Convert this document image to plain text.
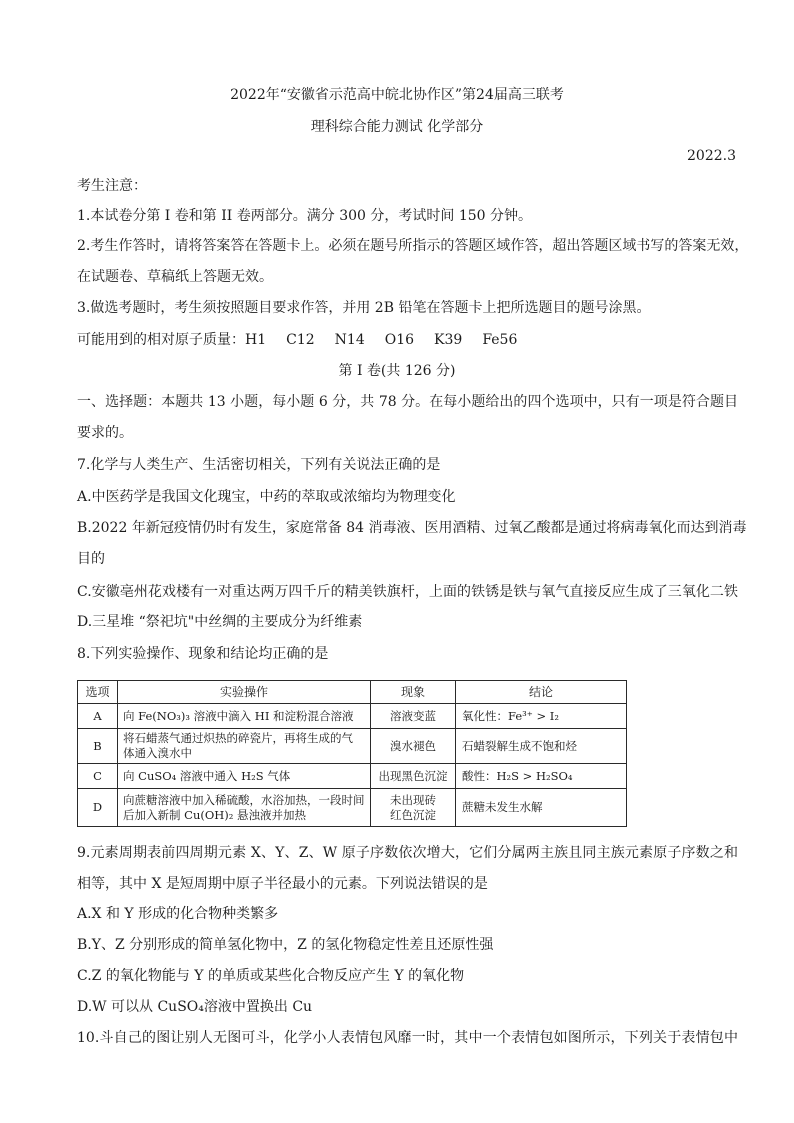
2022年“安徽省示范高中皖北协作区”第24届高三联考
理科综合能力测试 化学部分
2022.3
考生注意：
1.本试卷分第 I 卷和第 II 卷两部分。满分 300 分，考试时间 150 分钟。
2.考生作答时，请将答案答在答题卡上。必须在题号所指示的答题区域作答，超出答题区域书写的答案无效，
在试题卷、草稿纸上答题无效。
3.做选考题时，考生须按照题目要求作答，并用 2B 铅笔在答题卡上把所选题目的题号涂黑。
可能用到的相对原子质量：H1 C12 N14 O16 K39 Fe56
第 I 卷(共 126 分)
一、选择题：本题共 13 小题，每小题 6 分，共 78 分。在每小题给出的四个选项中，只有一项是符合题目
要求的。
7.化学与人类生产、生活密切相关，下列有关说法正确的是
A.中医药学是我国文化瑰宝，中药的萃取或浓缩均为物理变化
B.2022 年新冠疫情仍时有发生，家庭常备 84 消毒液、医用酒精、过氧乙酸都是通过将病毒氧化而达到消毒
目的
C.安徽亳州花戏楼有一对重达两万四千斤的精美铁旗杆，上面的铁锈是铁与氧气直接反应生成了三氧化二铁
D.三星堆 “祭祀坑"中丝绸的主要成分为纤维素
8.下列实验操作、现象和结论均正确的是
选项	实验操作	现象	结论
A	向 Fe(NO₃)₃ 溶液中滴入 HI 和淀粉混合溶液	溶液变蓝	氧化性：Fe³⁺ > I₂

B	将石蜡蒸气通过炽热的碎瓷片，再将生成的气
体通入溴水中	溴水褪色	石蜡裂解生成不饱和烃

C	向 CuSO₄ 溶液中通入 H₂S 气体	出现黑色沉淀	酸性：H₂S > H₂SO₄

D	向蔗糖溶液中加入稀硫酸，水浴加热，一段时间
后加入新制 Cu(OH)₂ 悬浊液并加热	未出现砖
红色沉淀	蔗糖未发生水解
9.元素周期表前四周期元素 X、Y、Z、W 原子序数依次增大，它们分属两主族且同主族元素原子序数之和
相等，其中 X 是短周期中原子半径最小的元素。下列说法错误的是
A.X 和 Y 形成的化合物种类繁多
B.Y、Z 分别形成的简单氢化物中，Z 的氢化物稳定性差且还原性强
C.Z 的氧化物能与 Y 的单质或某些化合物反应产生 Y 的氧化物
D.W 可以从 CuSO₄溶液中置换出 Cu
10.斗自己的图让别人无图可斗，化学小人表情包风靡一时，其中一个表情包如图所示，下列关于表情包中
